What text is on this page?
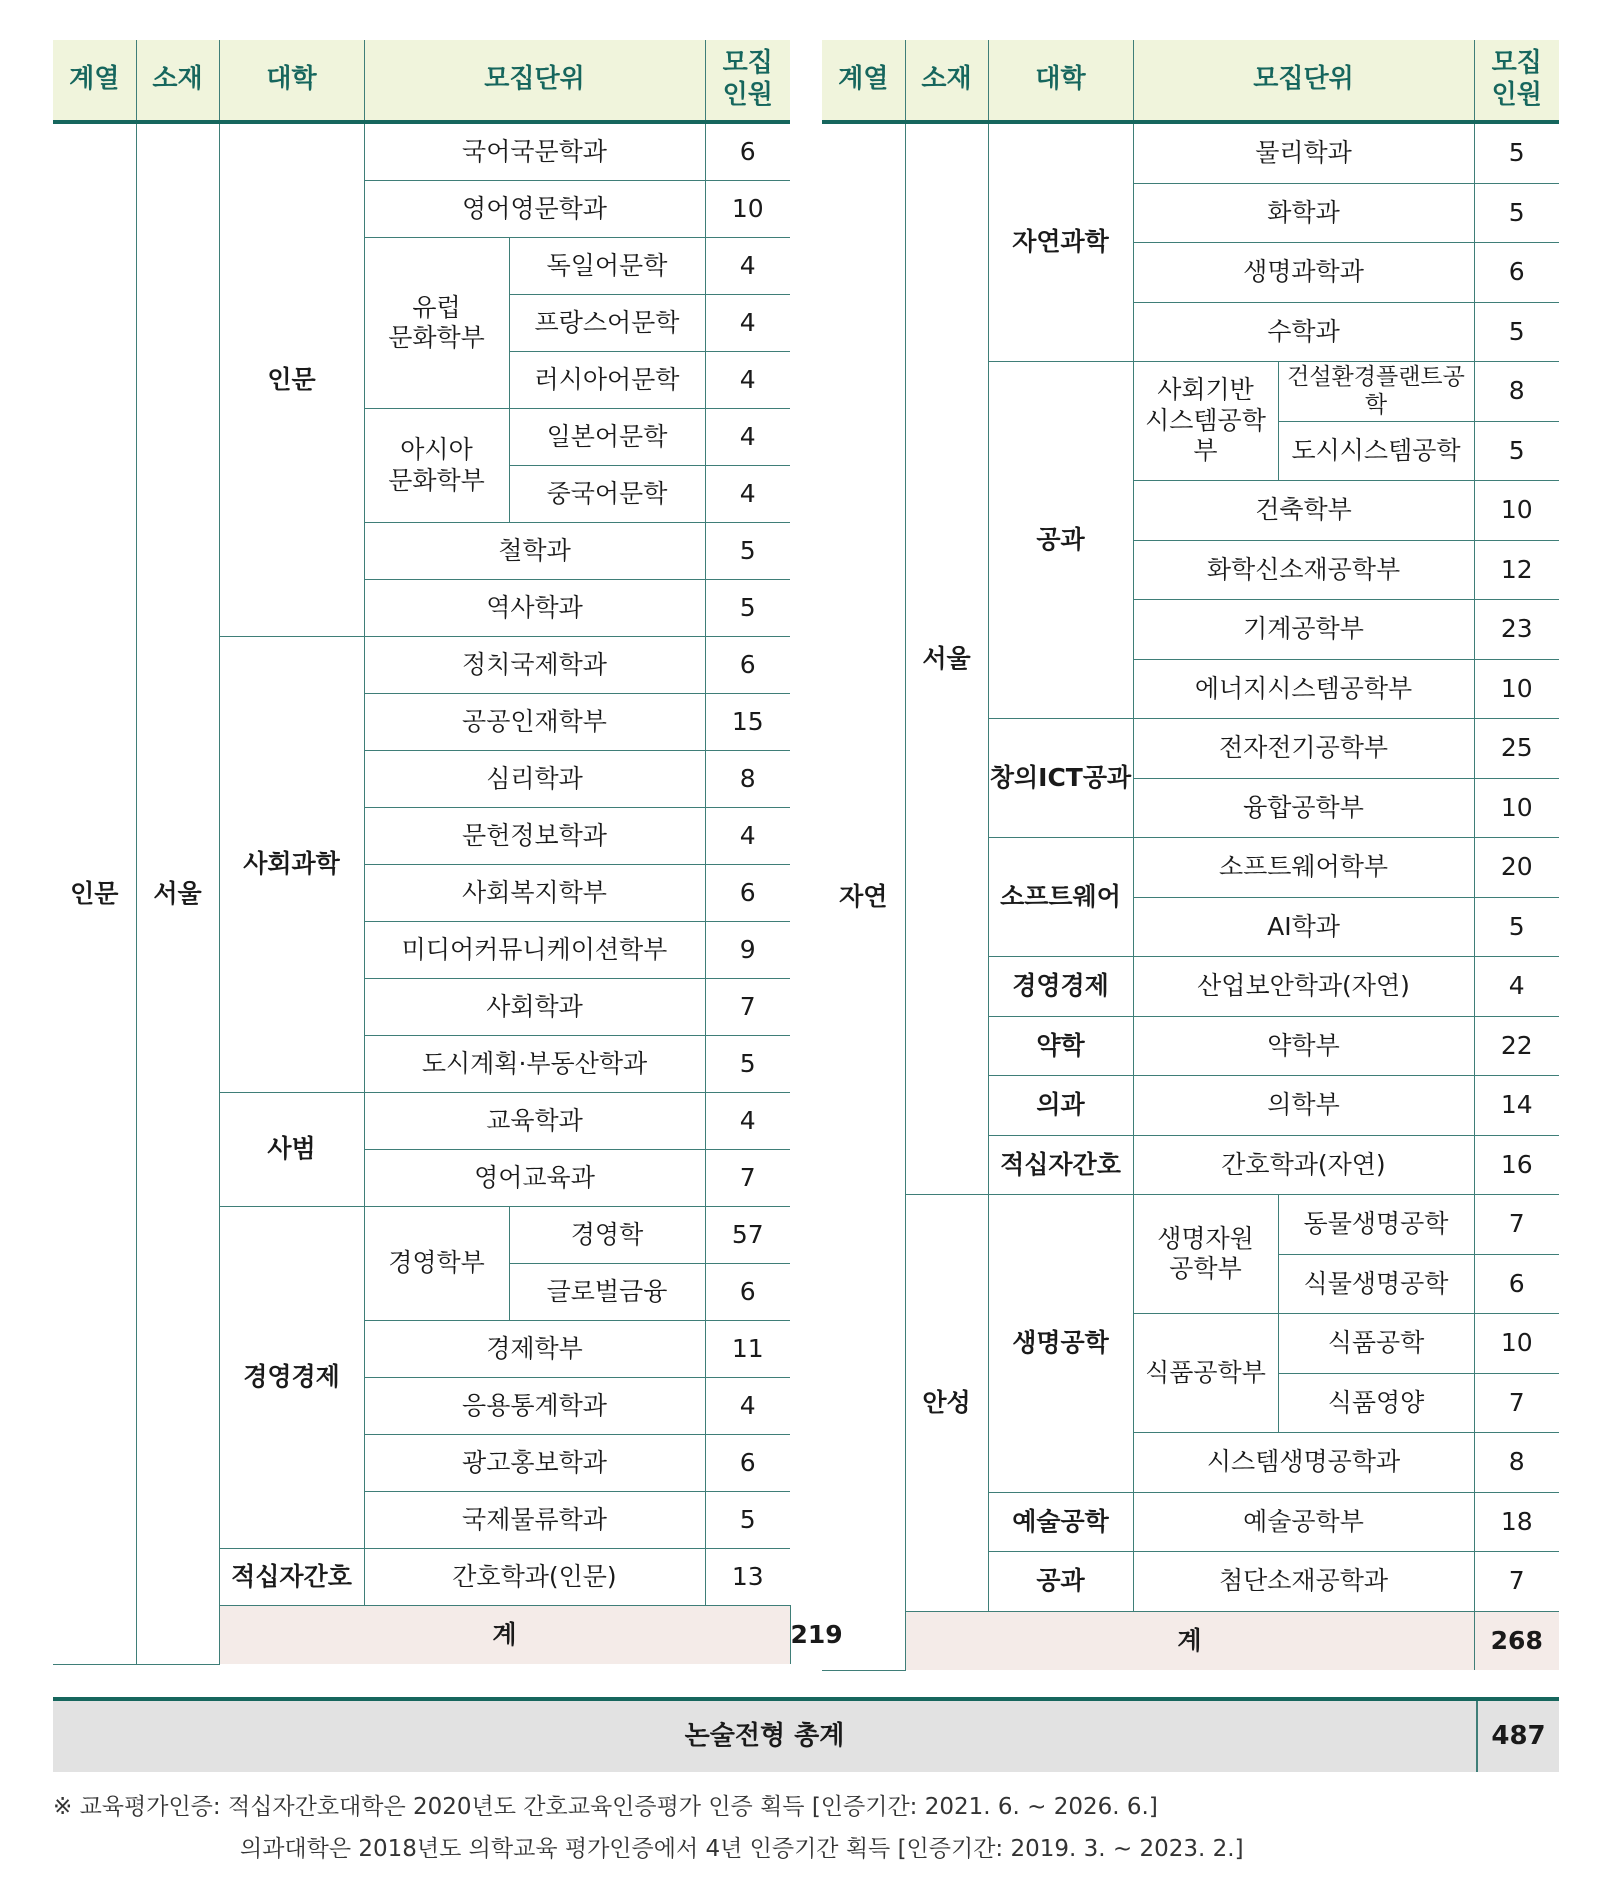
계열	소재	대학	모집단위		모집
인원	
인문	서울	인문	국어국문학과		6	
			영어영문학과		10	
			유럽
문화학부	독일어문학	4	
				프랑스어문학	4	
				러시아어문학	4	
			아시아
문화학부	일본어문학	4	
				중국어문학	4	
			철학과		5	
			역사학과		5	
		사회과학	정치국제학과		6	
			공공인재학부		15	
			심리학과		8	
			문헌정보학과		4	
			사회복지학부		6	
			미디어커뮤니케이션학부		9	
			사회학과		7	
			도시계획·부동산학과		5	
		사범	교육학과		4	
			영어교육과		7	
		경영경제	경영학부	경영학	57	
				글로벌금융	6	
			경제학부		11	
			응용통계학과		4	
			광고홍보학과		6	
			국제물류학과		5	
		적십자간호	간호학과(인문)		13	
		계				219
계열	소재	대학	모집단위		모집
인원
자연	서울	자연과학	물리학과		5
			화학과		5
			생명과학과		6
			수학과		5
		공과	사회기반
시스템공학부	건설환경플랜트공학	8
				도시시스템공학	5
			건축학부		10
			화학신소재공학부		12
			기계공학부		23
			에너지시스템공학부		10
		창의ICT공과	전자전기공학부		25
			융합공학부		10
		소프트웨어	소프트웨어학부		20
			AI학과		5
		경영경제	산업보안학과(자연)		4
		약학	약학부		22
		의과	의학부		14
		적십자간호	간호학과(자연)		16
	안성	생명공학	생명자원
공학부	동물생명공학	7
				식물생명공학	6
			식품공학부	식품공학	10
				식품영양	7
			시스템생명공학과		8
		예술공학	예술공학부		18
		공과	첨단소재공학과		7
	계				268
논술전형 총계	487
※ 교육평가인증: 적십자간호대학은 2020년도 간호교육인증평가 인증 획득 [인증기간: 2021. 6. ~ 2026. 6.]
의과대학은 2018년도 의학교육 평가인증에서 4년 인증기간 획득 [인증기간: 2019. 3. ~ 2023. 2.]
